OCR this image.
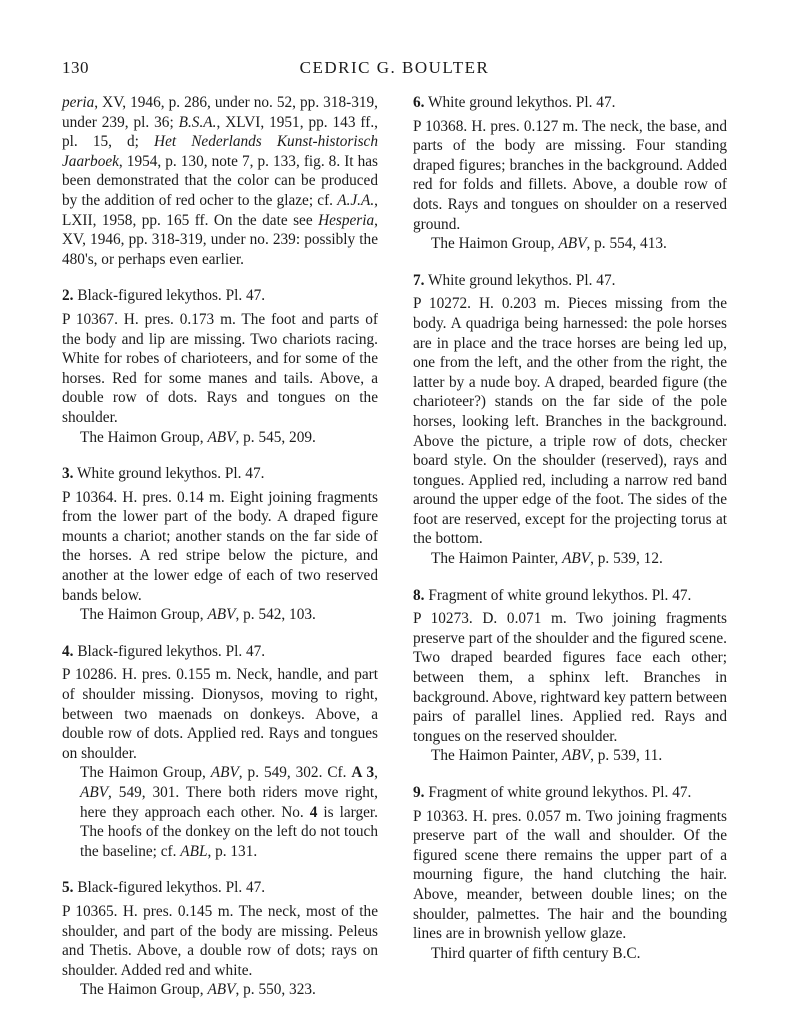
130	CEDRIC G. BOULTER

peria, XV, 1946, p. 286, under no. 52, pp. 318-319, under 239, pl. 36; B.S.A., XLVI, 1951, pp. 143 ff., pl. 15, d; Het Nederlands Kunst-historisch Jaarboek, 1954, p. 130, note 7, p. 133, fig. 8. It has been demonstrated that the color can be produced by the addition of red ocher to the glaze; cf. A.J.A., LXII, 1958, pp. 165 ff. On the date see Hesperia, XV, 1946, pp. 318-319, under no. 239: possibly the 480's, or perhaps even earlier.

2. Black-figured lekythos. Pl. 47.

P 10367. H. pres. 0.173 m. The foot and parts of the body and lip are missing. Two chariots racing. White for robes of charioteers, and for some of the horses. Red for some manes and tails. Above, a double row of dots. Rays and tongues on the shoulder.

The Haimon Group, ABV, p. 545, 209.

3. White ground lekythos. Pl. 47.

P 10364. H. pres. 0.14 m. Eight joining fragments from the lower part of the body. A draped figure mounts a chariot; another stands on the far side of the horses. A red stripe below the picture, and another at the lower edge of each of two reserved bands below.

The Haimon Group, ABV, p. 542, 103.

4. Black-figured lekythos. Pl. 47.

P 10286. H. pres. 0.155 m. Neck, handle, and part of shoulder missing. Dionysos, moving to right, between two maenads on donkeys. Above, a double row of dots. Applied red. Rays and tongues on shoulder.

The Haimon Group, ABV, p. 549, 302. Cf. A 3, ABV, 549, 301. There both riders move right, here they approach each other. No. 4 is larger. The hoofs of the donkey on the left do not touch the baseline; cf. ABL, p. 131.

5. Black-figured lekythos. Pl. 47.

P 10365. H. pres. 0.145 m. The neck, most of the shoulder, and part of the body are missing. Peleus and Thetis. Above, a double row of dots; rays on shoulder. Added red and white.

The Haimon Group, ABV, p. 550, 323.

6. White ground lekythos. Pl. 47.

P 10368. H. pres. 0.127 m. The neck, the base, and parts of the body are missing. Four standing draped figures; branches in the background. Added red for folds and fillets. Above, a double row of dots. Rays and tongues on shoulder on a reserved ground.

The Haimon Group, ABV, p. 554, 413.

7. White ground lekythos. Pl. 47.

P 10272. H. 0.203 m. Pieces missing from the body. A quadriga being harnessed: the pole horses are in place and the trace horses are being led up, one from the left, and the other from the right, the latter by a nude boy. A draped, bearded figure (the charioteer?) stands on the far side of the pole horses, looking left. Branches in the background. Above the picture, a triple row of dots, checker board style. On the shoulder (reserved), rays and tongues. Applied red, including a narrow red band around the upper edge of the foot. The sides of the foot are reserved, except for the projecting torus at the bottom.

The Haimon Painter, ABV, p. 539, 12.

8. Fragment of white ground lekythos. Pl. 47.

P 10273. D. 0.071 m. Two joining fragments preserve part of the shoulder and the figured scene. Two draped bearded figures face each other; between them, a sphinx left. Branches in background. Above, rightward key pattern between pairs of parallel lines. Applied red. Rays and tongues on the reserved shoulder.

The Haimon Painter, ABV, p. 539, 11.

9. Fragment of white ground lekythos. Pl. 47.

P 10363. H. pres. 0.057 m. Two joining fragments preserve part of the wall and shoulder. Of the figured scene there remains the upper part of a mourning figure, the hand clutching the hair. Above, meander, between double lines; on the shoulder, palmettes. The hair and the bounding lines are in brownish yellow glaze.

Third quarter of fifth century B.C.
